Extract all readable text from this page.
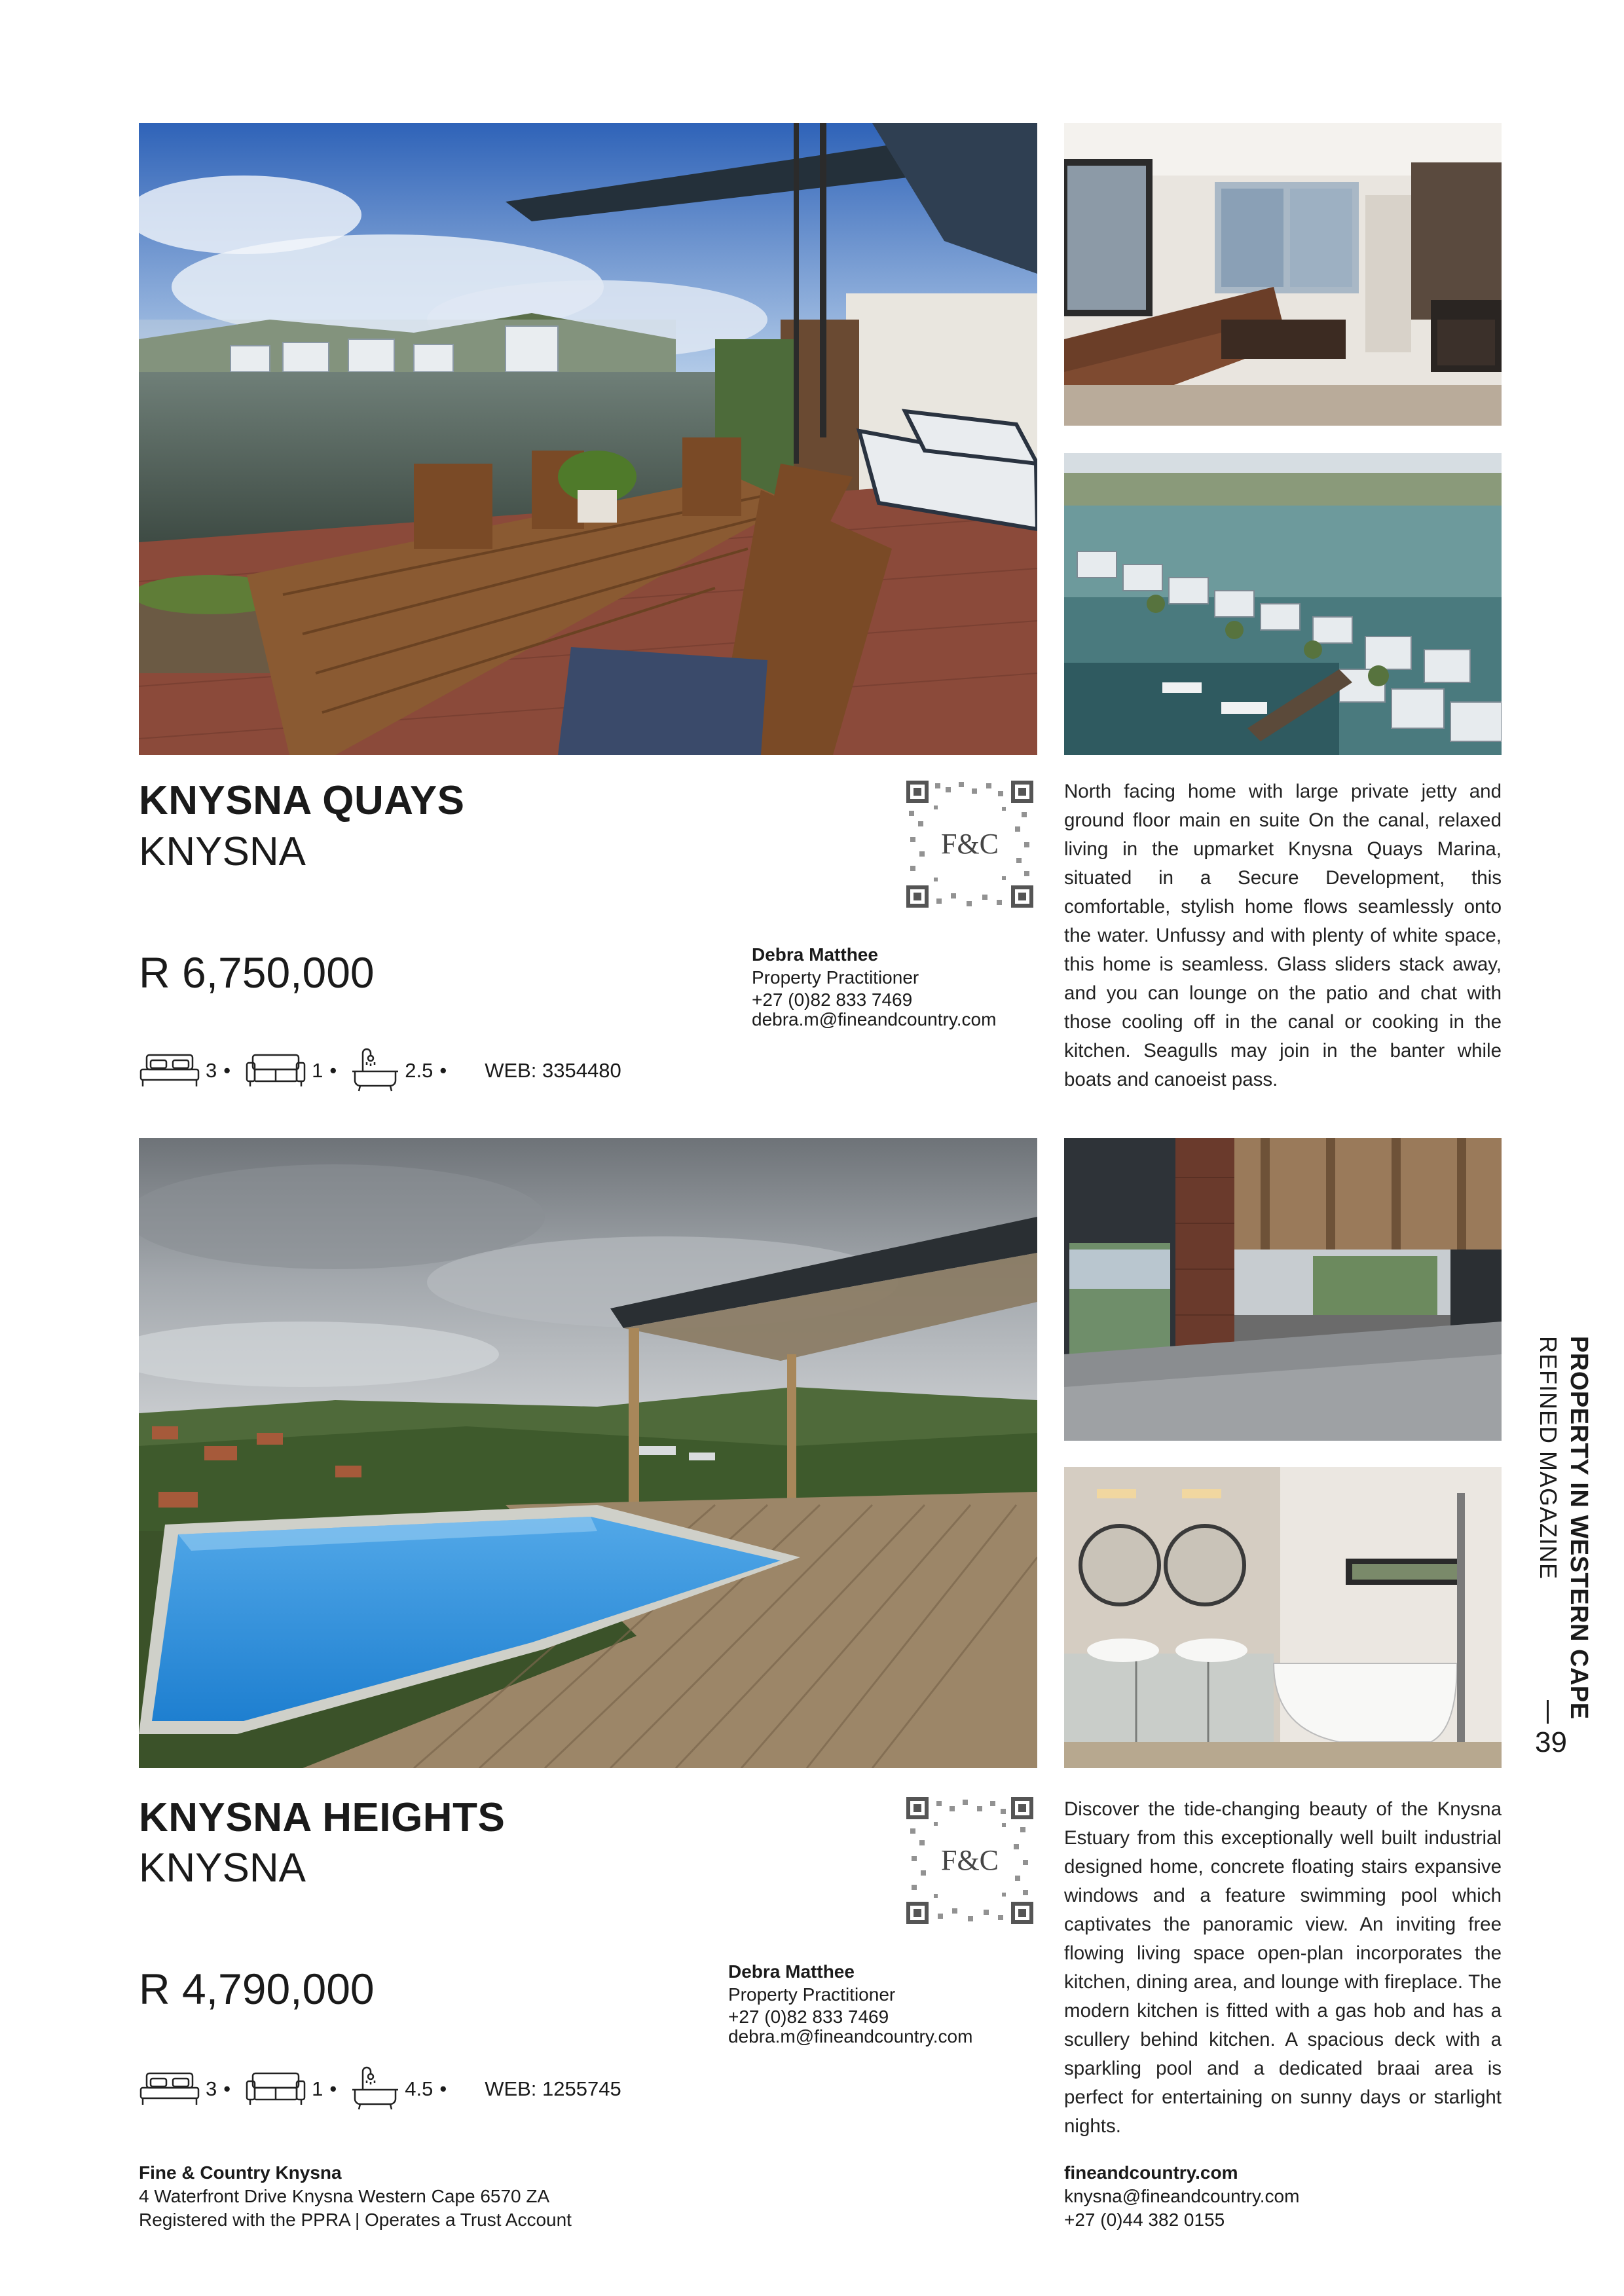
KNYSNA QUAYS
KNYSNA
R 6,750,000
3 •	1 •	2.5 • WEB: 3354480
F&C
Debra Matthee
Property Practitioner
+27 (0)82 833 7469
debra.m@fineandcountry.com
North facing home with large private jetty and ground floor main en suite On the canal, relaxed living in the upmarket Knysna Quays Marina, situated in a Secure Development, this comfortable, stylish home flows seamlessly onto the water. Unfussy and with plenty of white space, this home is seamless. Glass sliders stack away, and you can lounge on the patio and chat with those cooling off in the canal or cooking in the kitchen. Seagulls may join in the banter while boats and canoeist pass.
KNYSNA HEIGHTS
KNYSNA
R 4,790,000
3 •	1 •	4.5 • WEB: 1255745
F&C
Debra Matthee
Property Practitioner
+27 (0)82 833 7469
debra.m@fineandcountry.com
Discover the tide-changing beauty of the Knysna Estuary from this exceptionally well built industrial designed home, concrete floating stairs expansive windows and a feature swimming pool which captivates the panoramic view. An inviting free flowing living space open-plan incorporates the kitchen, dining area, and lounge with fireplace. The modern kitchen is fitted with a gas hob and has a scullery behind kitchen. A spacious deck with a sparkling pool and a dedicated braai area is perfect for entertaining on sunny days or starlight nights.
PROPERTY IN WESTERN CAPE
REFINED MAGAZINE
39
Fine & Country Knysna
4 Waterfront Drive Knysna Western Cape 6570 ZA
Registered with the PPRA | Operates a Trust Account
fineandcountry.com
knysna@fineandcountry.com
+27 (0)44 382 0155
